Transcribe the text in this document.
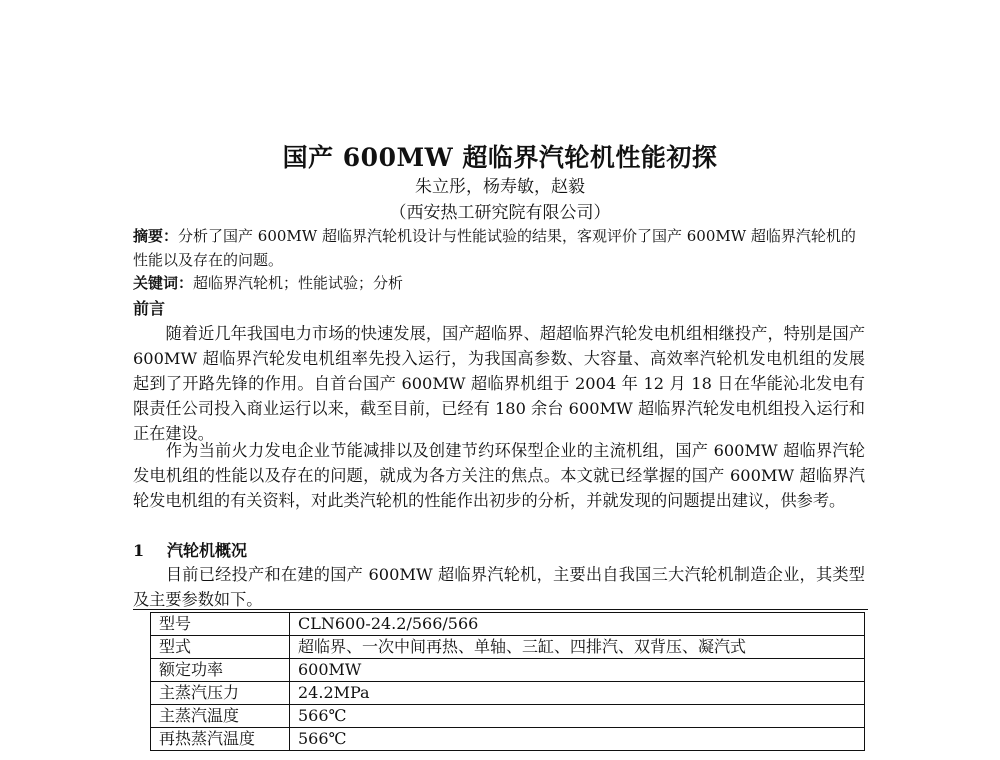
国产 600MW 超临界汽轮机性能初探
朱立彤，杨寿敏，赵毅
（西安热工研究院有限公司）
摘要：分析了国产 600MW 超临界汽轮机设计与性能试验的结果，客观评价了国产 600MW 超临界汽轮机的性能以及存在的问题。
关键词：超临界汽轮机；性能试验；分析
前言
　　随着近几年我国电力市场的快速发展，国产超临界、超超临界汽轮发电机组相继投产，特别是国产 600MW 超临界汽轮发电机组率先投入运行，为我国高参数、大容量、高效率汽轮机发电机组的发展起到了开路先锋的作用。自首台国产 600MW 超临界机组于 2004 年 12 月 18 日在华能沁北发电有限责任公司投入商业运行以来，截至目前，已经有 180 余台 600MW 超临界汽轮发电机组投入运行和正在建设。
　　作为当前火力发电企业节能减排以及创建节约环保型企业的主流机组，国产 600MW 超临界汽轮发电机组的性能以及存在的问题，就成为各方关注的焦点。本文就已经掌握的国产 600MW 超临界汽轮发电机组的有关资料，对此类汽轮机的性能作出初步的分析，并就发现的问题提出建议，供参考。
1 汽轮机概况
　　目前已经投产和在建的国产 600MW 超临界汽轮机，主要出自我国三大汽轮机制造企业，其类型及主要参数如下。
型号	CLN600-24.2/566/566
型式	超临界、一次中间再热、单轴、三缸、四排汽、双背压、凝汽式
额定功率	600MW
主蒸汽压力	24.2MPa
主蒸汽温度	566℃
再热蒸汽温度	566℃
